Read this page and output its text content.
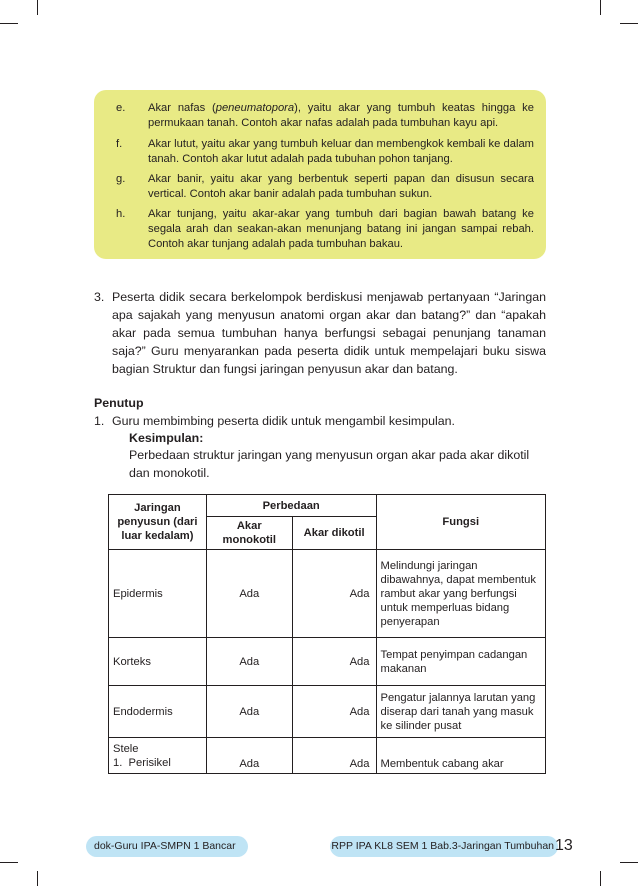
e. Akar nafas (peneumatopora), yaitu akar yang tumbuh keatas hingga ke permukaan tanah. Contoh akar nafas adalah pada tumbuhan kayu api.
f. Akar lutut, yaitu akar yang tumbuh keluar dan membengkok kembali ke dalam tanah. Contoh akar lutut adalah pada tubuhan pohon tanjang.
g. Akar banir, yaitu akar yang berbentuk seperti papan dan disusun secara vertical. Contoh akar banir adalah pada tumbuhan sukun.
h. Akar tunjang, yaitu akar-akar yang tumbuh dari bagian bawah batang ke segala arah dan seakan-akan menunjang batang ini jangan sampai rebah. Contoh akar tunjang adalah pada tumbuhan bakau.
3. Peserta didik secara berkelompok berdiskusi menjawab pertanyaan “Jaringan apa sajakah yang menyusun anatomi organ akar dan batang?” dan “apakah akar pada semua tumbuhan hanya berfungsi sebagai penunjang tanaman saja?” Guru menyarankan pada peserta didik untuk mempelajari buku siswa bagian Struktur dan fungsi jaringan penyusun akar dan batang.
Penutup
1. Guru membimbing peserta didik untuk mengambil kesimpulan.
Kesimpulan:
Perbedaan struktur jaringan yang menyusun organ akar pada akar dikotil dan monokotil.
Jaringan penyusun (dari luar kedalam)	Perbedaan		Fungsi
	Akar monokotil	Akar dikotil	
Epidermis	Ada	Ada	Melindungi jaringan dibawahnya, dapat membentuk rambut akar yang berfungsi untuk memperluas bidang penyerapan
Korteks	Ada	Ada	Tempat penyimpan cadangan makanan
Endodermis	Ada	Ada	Pengatur jalannya larutan yang diserap dari tanah yang masuk ke silinder pusat

Stele
1.  Perisikel	Ada	Ada	Membentuk cabang akar
dok-Guru IPA-SMPN 1 Bancar	RPP IPA KL8 SEM 1 Bab.3-Jaringan Tumbuhan 13
